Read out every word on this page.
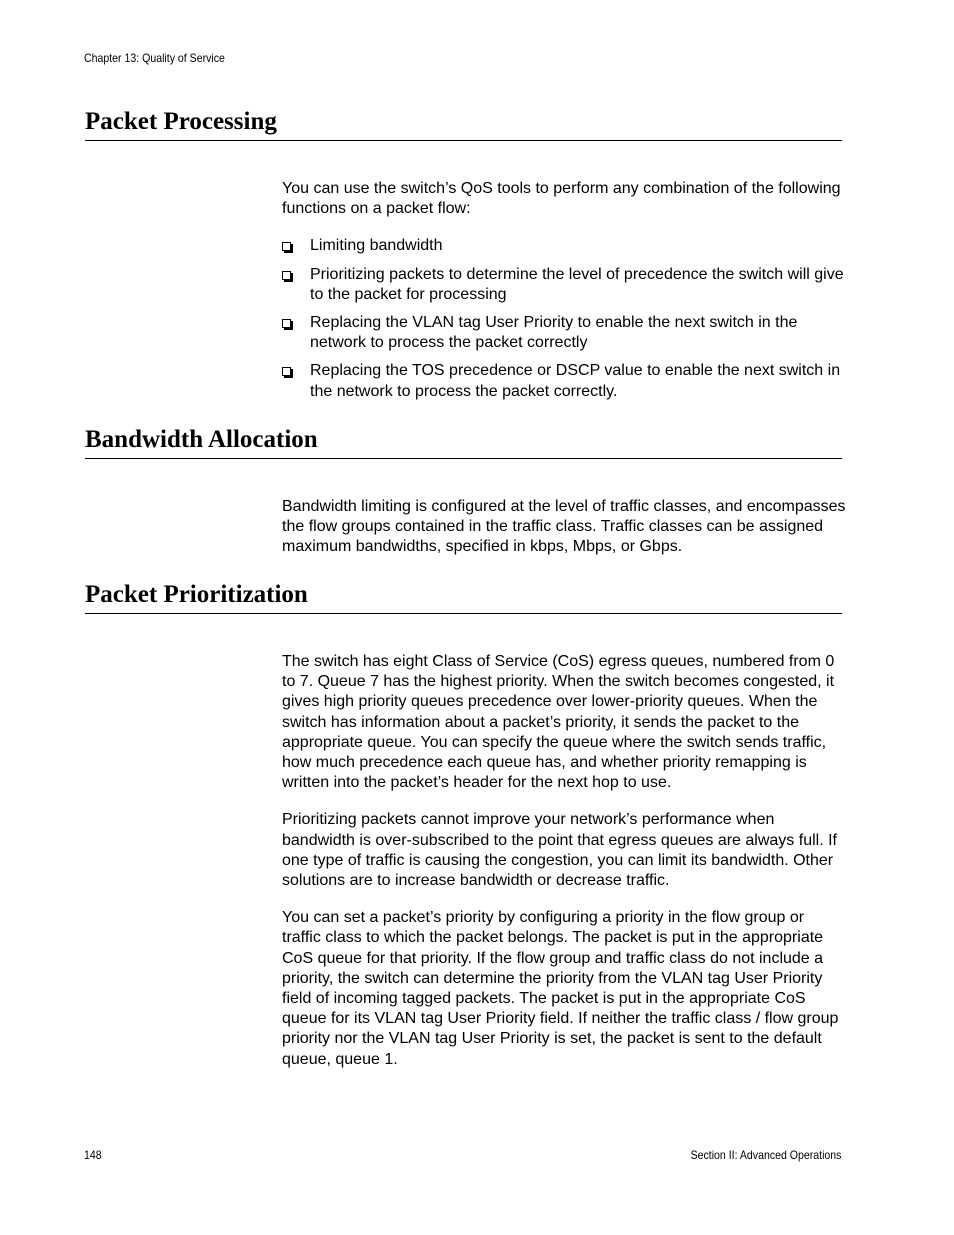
Chapter 13: Quality of Service
Packet Processing

You can use the switch’s QoS tools to perform any combination of the following functions on a packet flow:

Limiting bandwidth
Prioritizing packets to determine the level of precedence the switch will give to the packet for processing
Replacing the VLAN tag User Priority to enable the next switch in the network to process the packet correctly
Replacing the TOS precedence or DSCP value to enable the next switch in the network to process the packet correctly.
Bandwidth Allocation

Bandwidth limiting is configured at the level of traffic classes, and encompasses the flow groups contained in the traffic class. Traffic classes can be assigned maximum bandwidths, specified in kbps, Mbps, or Gbps.

Packet Prioritization

The switch has eight Class of Service (CoS) egress queues, numbered from 0 to 7. Queue 7 has the highest priority. When the switch becomes congested, it gives high priority queues precedence over lower-priority queues. When the switch has information about a packet’s priority, it sends the packet to the appropriate queue. You can specify the queue where the switch sends traffic, how much precedence each queue has, and whether priority remapping is written into the packet’s header for the next hop to use.

Prioritizing packets cannot improve your network’s performance when bandwidth is over-subscribed to the point that egress queues are always full. If one type of traffic is causing the congestion, you can limit its bandwidth. Other solutions are to increase bandwidth or decrease traffic.

You can set a packet’s priority by configuring a priority in the flow group or traffic class to which the packet belongs. The packet is put in the appropriate CoS queue for that priority. If the flow group and traffic class do not include a priority, the switch can determine the priority from the VLAN tag User Priority field of incoming tagged packets. The packet is put in the appropriate CoS queue for its VLAN tag User Priority field. If neither the traffic class / flow group priority nor the VLAN tag User Priority is set, the packet is sent to the default queue, queue 1.

148	Section II: Advanced Operations
